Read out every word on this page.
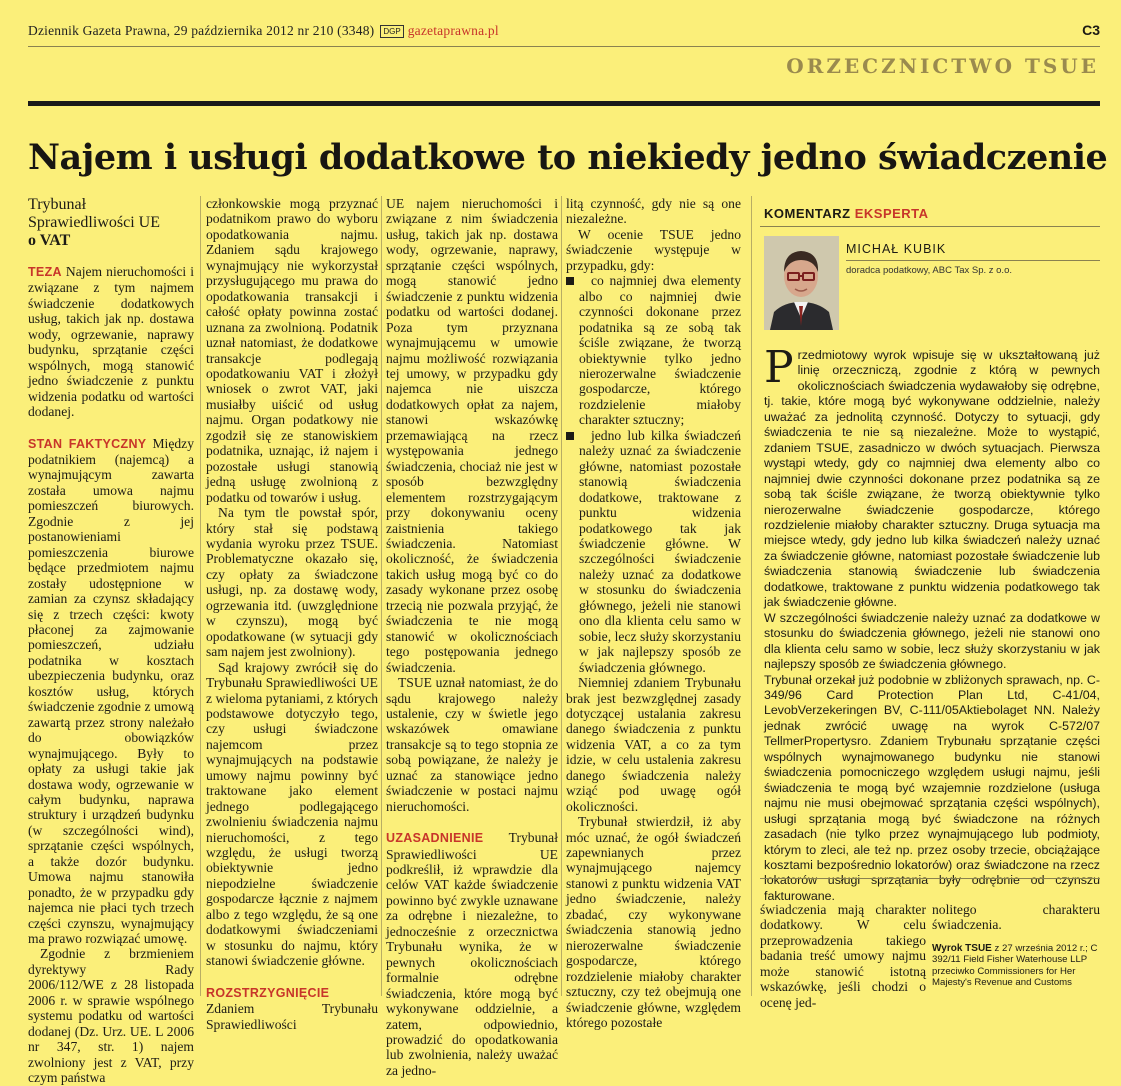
Dziennik Gazeta Prawna, 29 października 2012 nr 210 (3348) DGP gazetaprawna.pl	C3
ORZECZNICTWO TSUE
Najem i usługi dodatkowe to niekiedy jedno świadczenie
Trybunał
Sprawiedliwości UE
o VAT

TEZA Najem nieruchomości i związane z tym najmem świadczenie dodatkowych usług, takich jak np. dostawa wody, ogrzewanie, naprawy budynku, sprzątanie części wspólnych, mogą stanowić jedno świadczenie z punktu widzenia podatku od wartości dodanej.

STAN FAKTYCZNY Między podatnikiem (najemcą) a wynajmującym zawarta została umowa najmu pomieszczeń biurowych. Zgodnie z jej postanowieniami pomieszczenia biurowe będące przedmiotem najmu zostały udostępnione w zamian za czynsz składający się z trzech części: kwoty płaconej za zajmowanie pomieszczeń, udziału podatnika w kosztach ubezpieczenia budynku, oraz kosztów usług, których świadczenie zgodnie z umową zawartą przez strony należało do obowiązków wynajmującego. Były to opłaty za usługi takie jak dostawa wody, ogrzewanie w całym budynku, naprawa struktury i urządzeń budynku (w szczególności wind), sprzątanie części wspólnych, a także dozór budynku. Umowa najmu stanowiła ponadto, że w przypadku gdy najemca nie płaci tych trzech części czynszu, wynajmujący ma prawo rozwiązać umowę.

Zgodnie z brzmieniem dyrektywy Rady 2006/112/WE z 28 listopada 2006 r. w sprawie wspólnego systemu podatku od wartości dodanej (Dz. Urz. UE. L 2006 nr 347, str. 1) najem zwolniony jest z VAT, przy czym państwa

członkowskie mogą przyznać podatnikom prawo do wyboru opodatkowania najmu. Zdaniem sądu krajowego wynajmujący nie wykorzystał przysługującego mu prawa do opodatkowania transakcji i całość opłaty powinna zostać uznana za zwolnioną. Podatnik uznał natomiast, że dodatkowe transakcje podlegają opodatkowaniu VAT i złożył wniosek o zwrot VAT, jaki musiałby uiścić od usług najmu. Organ podatkowy nie zgodził się ze stanowiskiem podatnika, uznając, iż najem i pozostałe usługi stanowią jedną usługę zwolnioną z podatku od towarów i usług.

Na tym tle powstał spór, który stał się podstawą wydania wyroku przez TSUE. Problematyczne okazało się, czy opłaty za świadczone usługi, np. za dostawę wody, ogrzewania itd. (uwzględnione w czynszu), mogą być opodatkowane (w sytuacji gdy sam najem jest zwolniony).

Sąd krajowy zwrócił się do Trybunału Sprawiedliwości UE z wieloma pytaniami, z których podstawowe dotyczyło tego, czy usługi świadczone najemcom przez wynajmujących na podstawie umowy najmu powinny być traktowane jako element jednego podlegającego zwolnieniu świadczenia najmu nieruchomości, z tego względu, że usługi tworzą obiektywnie jedno niepodzielne świadczenie gospodarcze łącznie z najmem albo z tego względu, że są one dodatkowymi świadczeniami w stosunku do najmu, który stanowi świadczenie główne.

ROZSTRZYGNIĘCIE Zdaniem Trybunału Sprawiedliwości

UE najem nieruchomości i związane z nim świadczenia usług, takich jak np. dostawa wody, ogrzewanie, naprawy, sprzątanie części wspólnych, mogą stanowić jedno świadczenie z punktu widzenia podatku od wartości dodanej. Poza tym przyznana wynajmującemu w umowie najmu możliwość rozwiązania tej umowy, w przypadku gdy najemca nie uiszcza dodatkowych opłat za najem, stanowi wskazówkę przemawiającą na rzecz występowania jednego świadczenia, chociaż nie jest w sposób bezwzględny elementem rozstrzygającym przy dokonywaniu oceny zaistnienia takiego świadczenia. Natomiast okoliczność, że świadczenia takich usług mogą być co do zasady wykonane przez osobę trzecią nie pozwala przyjąć, że świadczenia te nie mogą stanowić w okolicznościach tego postępowania jednego świadczenia.

TSUE uznał natomiast, że do sądu krajowego należy ustalenie, czy w świetle jego wskazówek omawiane transakcje są to tego stopnia ze sobą powiązane, że należy je uznać za stanowiące jedno świadczenie w postaci najmu nieruchomości.

UZASADNIENIE Trybunał Sprawiedliwości UE podkreślił, iż wprawdzie dla celów VAT każde świadczenie powinno być zwykle uznawane za odrębne i niezależne, to jednocześnie z orzecznictwa Trybunału wynika, że w pewnych okolicznościach formalnie odrębne świadczenia, które mogą być wykonywane oddzielnie, a zatem, odpowiednio, prowadzić do opodatkowania lub zwolnienia, należy uważać za jedno-

litą czynność, gdy nie są one niezależne.

W ocenie TSUE jedno świadczenie występuje w przypadku, gdy:

co najmniej dwa elementy albo co najmniej dwie czynności dokonane przez podatnika są ze sobą tak ściśle związane, że tworzą obiektywnie tylko jedno nierozerwalne świadczenie gospodarcze, którego rozdzielenie miałoby charakter sztuczny;

jedno lub kilka świadczeń należy uznać za świadczenie główne, natomiast pozostałe stanowią świadczenia dodatkowe, traktowane z punktu widzenia podatkowego tak jak świadczenie główne. W szczególności świadczenie należy uznać za dodatkowe w stosunku do świadczenia głównego, jeżeli nie stanowi ono dla klienta celu samo w sobie, lecz służy skorzystaniu w jak najlepszy sposób ze świadczenia głównego.

Niemniej zdaniem Trybunału brak jest bezwzględnej zasady dotyczącej ustalania zakresu danego świadczenia z punktu widzenia VAT, a co za tym idzie, w celu ustalenia zakresu danego świadczenia należy wziąć pod uwagę ogół okoliczności.

Trybunał stwierdził, iż aby móc uznać, że ogół świadczeń zapewnianych przez wynajmującego najemcy stanowi z punktu widzenia VAT jedno świadczenie, należy zbadać, czy wykonywane świadczenia stanowią jedno nierozerwalne świadczenie gospodarcze, którego rozdzielenie miałoby charakter sztuczny, czy też obejmują one świadczenie główne, względem którego pozostałe

KOMENTARZ EKSPERTA
MICHAŁ KUBIK
doradca podatkowy, ABC Tax Sp. z o.o.

Przedmiotowy wyrok wpisuje się w ukształtowaną już linię orzeczniczą, zgodnie z którą w pewnych okolicznościach świadczenia wydawałoby się odrębne, tj. takie, które mogą być wykonywane oddzielnie, należy uważać za jednolitą czynność. Dotyczy to sytuacji, gdy świadczenia te nie są niezależne. Może to wystąpić, zdaniem TSUE, zasadniczo w dwóch sytuacjach. Pierwsza wystąpi wtedy, gdy co najmniej dwa elementy albo co najmniej dwie czynności dokonane przez podatnika są ze sobą tak ściśle związane, że tworzą obiektywnie tylko nierozerwalne świadczenie gospodarcze, którego rozdzielenie miałoby charakter sztuczny. Druga sytuacja ma miejsce wtedy, gdy jedno lub kilka świadczeń należy uznać za świadczenie główne, natomiast pozostałe świadczenie lub świadczenia stanowią świadczenie lub świadczenia dodatkowe, traktowane z punktu widzenia podatkowego tak jak świadczenie główne.

W szczególności świadczenie należy uznać za dodatkowe w stosunku do świadczenia głównego, jeżeli nie stanowi ono dla klienta celu samo w sobie, lecz służy skorzystaniu w jak najlepszy sposób ze świadczenia głównego.

Trybunał orzekał już podobnie w zbliżonych sprawach, np. C-349/96 Card Protection Plan Ltd, C-41/04, LevobVerzekeringen BV, C-111/05Aktiebolaget NN. Należy jednak zwrócić uwagę na wyrok C-572/07 TellmerPropertysro. Zdaniem Trybunału sprzątanie części wspólnych wynajmowanego budynku nie stanowi świadczenia pomocniczego względem usługi najmu, jeśli świadczenia te mogą być wzajemnie rozdzielone (usługa najmu nie musi obejmować sprzątania części wspólnych), usługi sprzątania mogą być świadczone na różnych zasadach (nie tylko przez wynajmującego lub podmioty, którym to zleci, ale też np. przez osoby trzecie, obciążające kosztami bezpośrednio lokatorów) oraz świadczone na rzecz lokatorów usługi sprzątania były odrębnie od czynszu fakturowane.

świadczenia mają charakter dodatkowy. W celu przeprowadzenia takiego badania treść umowy najmu może stanowić istotną wskazówkę, jeśli chodzi o ocenę jed-
nolitego charakteru świadczenia.
Wyrok TSUE z 27 września 2012 r.; C 392/11 Field Fisher Waterhouse LLP przeciwko Commissioners for Her Majesty's Revenue and Customs
